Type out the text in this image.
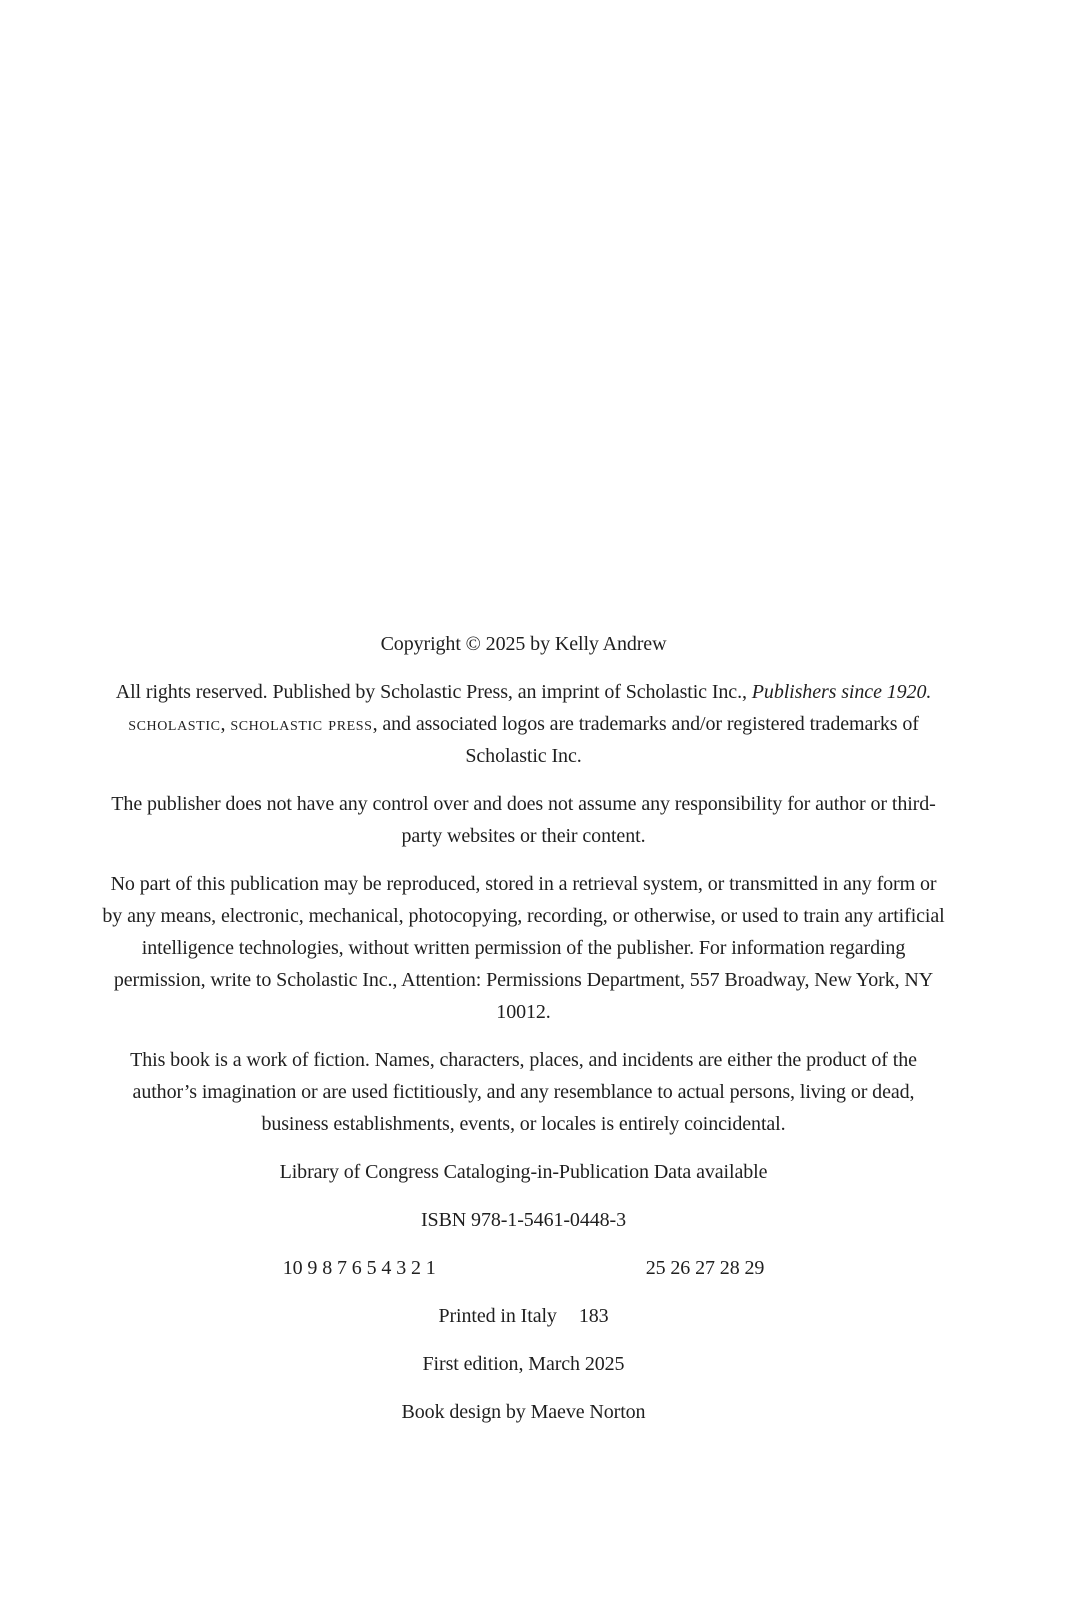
Copyright © 2025 by Kelly Andrew

All rights reserved. Published by Scholastic Press, an imprint of Scholastic Inc., Publishers since 1920. scholastic, scholastic press, and associated logos are trademarks and/or registered trademarks of Scholastic Inc.

The publisher does not have any control over and does not assume any responsibility for author or third-party websites or their content.

No part of this publication may be reproduced, stored in a retrieval system, or transmitted in any form or by any means, electronic, mechanical, photocopying, recording, or otherwise, or used to train any artificial intelligence technologies, without written permission of the publisher. For information regarding permission, write to Scholastic Inc., Attention: Permissions Department, 557 Broadway, New York, NY 10012.

This book is a work of fiction. Names, characters, places, and incidents are either the product of the author’s imagination or are used fictitiously, and any resemblance to actual persons, living or dead, business establishments, events, or locales is entirely coincidental.

Library of Congress Cataloging-in-Publication Data available

ISBN 978-1-5461-0448-3

10 9 8 7 6 5 4 3 2 1	25 26 27 28 29

Printed in Italy 183

First edition, March 2025

Book design by Maeve Norton
